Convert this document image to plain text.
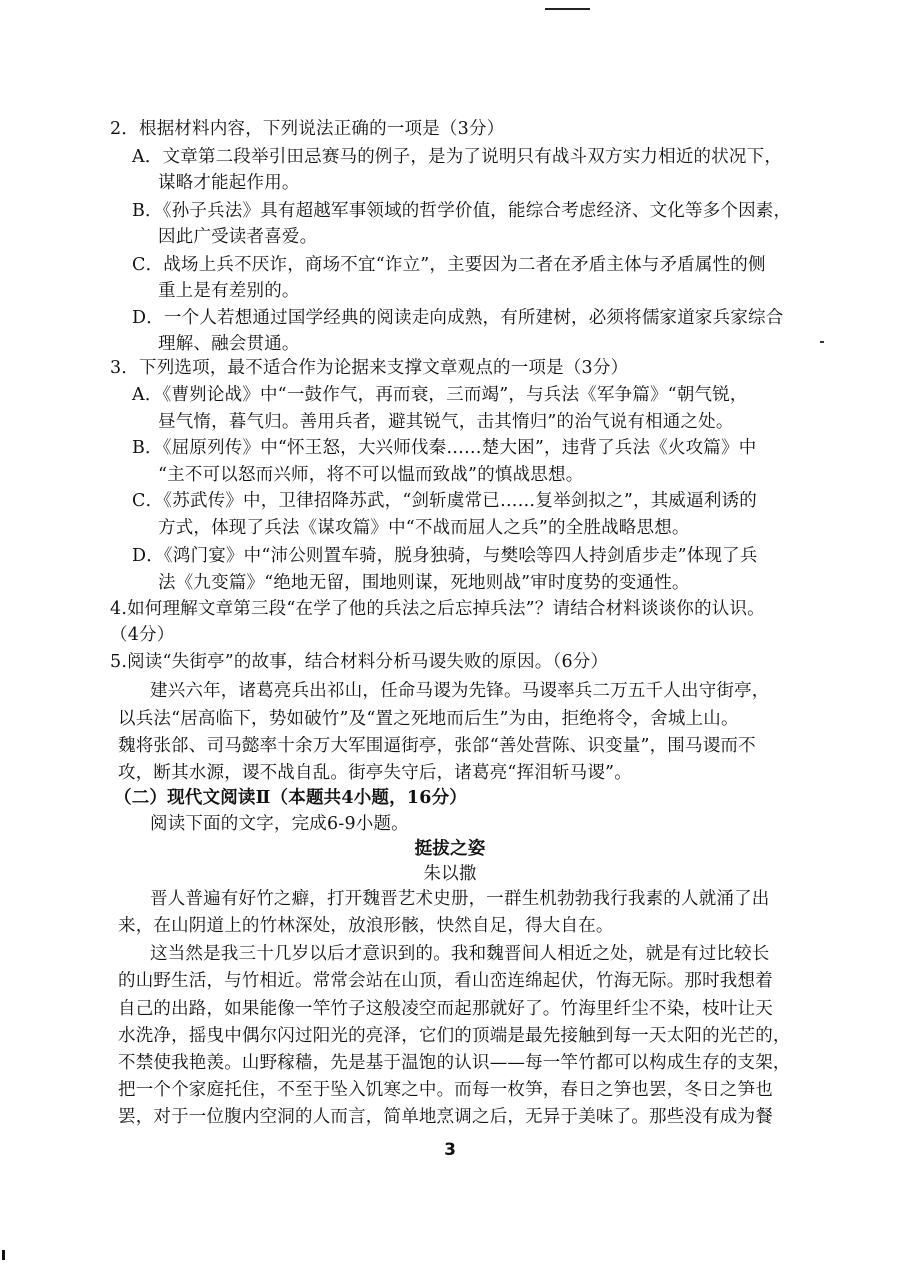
2．根据材料内容，下列说法正确的一项是（3分）
A．文章第二段举引田忌赛马的例子，是为了说明只有战斗双方实力相近的状况下，
谋略才能起作用。
B．《孙子兵法》具有超越军事领域的哲学价值，能综合考虑经济、文化等多个因素，
因此广受读者喜爱。
C．战场上兵不厌诈，商场不宜“诈立”，主要因为二者在矛盾主体与矛盾属性的侧
重上是有差别的。
D．一个人若想通过国学经典的阅读走向成熟，有所建树，必须将儒家道家兵家综合
理解、融会贯通。
3．下列选项，最不适合作为论据来支撑文章观点的一项是（3分）
A．《曹刿论战》中“一鼓作气，再而衰，三而竭”，与兵法《军争篇》“朝气锐，
昼气惰，暮气归。善用兵者，避其锐气，击其惰归”的治气说有相通之处。
B．《屈原列传》中“怀王怒，大兴师伐秦……楚大困”，违背了兵法《火攻篇》中
“主不可以怒而兴师，将不可以愠而致战”的慎战思想。
C．《苏武传》中，卫律招降苏武，“剑斩虞常已……复举剑拟之”，其威逼利诱的
方式，体现了兵法《谋攻篇》中“不战而屈人之兵”的全胜战略思想。
D．《鸿门宴》中“沛公则置车骑，脱身独骑，与樊哙等四人持剑盾步走”体现了兵
法《九变篇》“绝地无留，围地则谋，死地则战”审时度势的变通性。
4.如何理解文章第三段“在学了他的兵法之后忘掉兵法”？请结合材料谈谈你的认识。
（4分）
5.阅读“失街亭”的故事，结合材料分析马谡失败的原因。（6分）
建兴六年，诸葛亮兵出祁山，任命马谡为先锋。马谡率兵二万五千人出守街亭，
以兵法“居高临下，势如破竹”及“置之死地而后生”为由，拒绝将令，舍城上山。
魏将张郃、司马懿率十余万大军围逼街亭，张郃“善处营陈、识变量”，围马谡而不
攻，断其水源，谡不战自乱。街亭失守后，诸葛亮“挥泪斩马谡”。
（二）现代文阅读Ⅱ（本题共4小题，16分）
阅读下面的文字，完成6-9小题。
挺拔之姿
朱以撒
晋人普遍有好竹之癖，打开魏晋艺术史册，一群生机勃勃我行我素的人就涌了出
来，在山阴道上的竹林深处，放浪形骸，快然自足，得大自在。
这当然是我三十几岁以后才意识到的。我和魏晋间人相近之处，就是有过比较长
的山野生活，与竹相近。常常会站在山顶，看山峦连绵起伏，竹海无际。那时我想着
自己的出路，如果能像一竿竹子这般凌空而起那就好了。竹海里纤尘不染，枝叶让天
水洗净，摇曳中偶尔闪过阳光的亮泽，它们的顶端是最先接触到每一天太阳的光芒的，
不禁使我艳羡。山野稼穑，先是基于温饱的认识——每一竿竹都可以构成生存的支架，
把一个个家庭托住，不至于坠入饥寒之中。而每一枚笋，春日之笋也罢，冬日之笋也
罢，对于一位腹内空洞的人而言，简单地烹调之后，无异于美味了。那些没有成为餐
3
